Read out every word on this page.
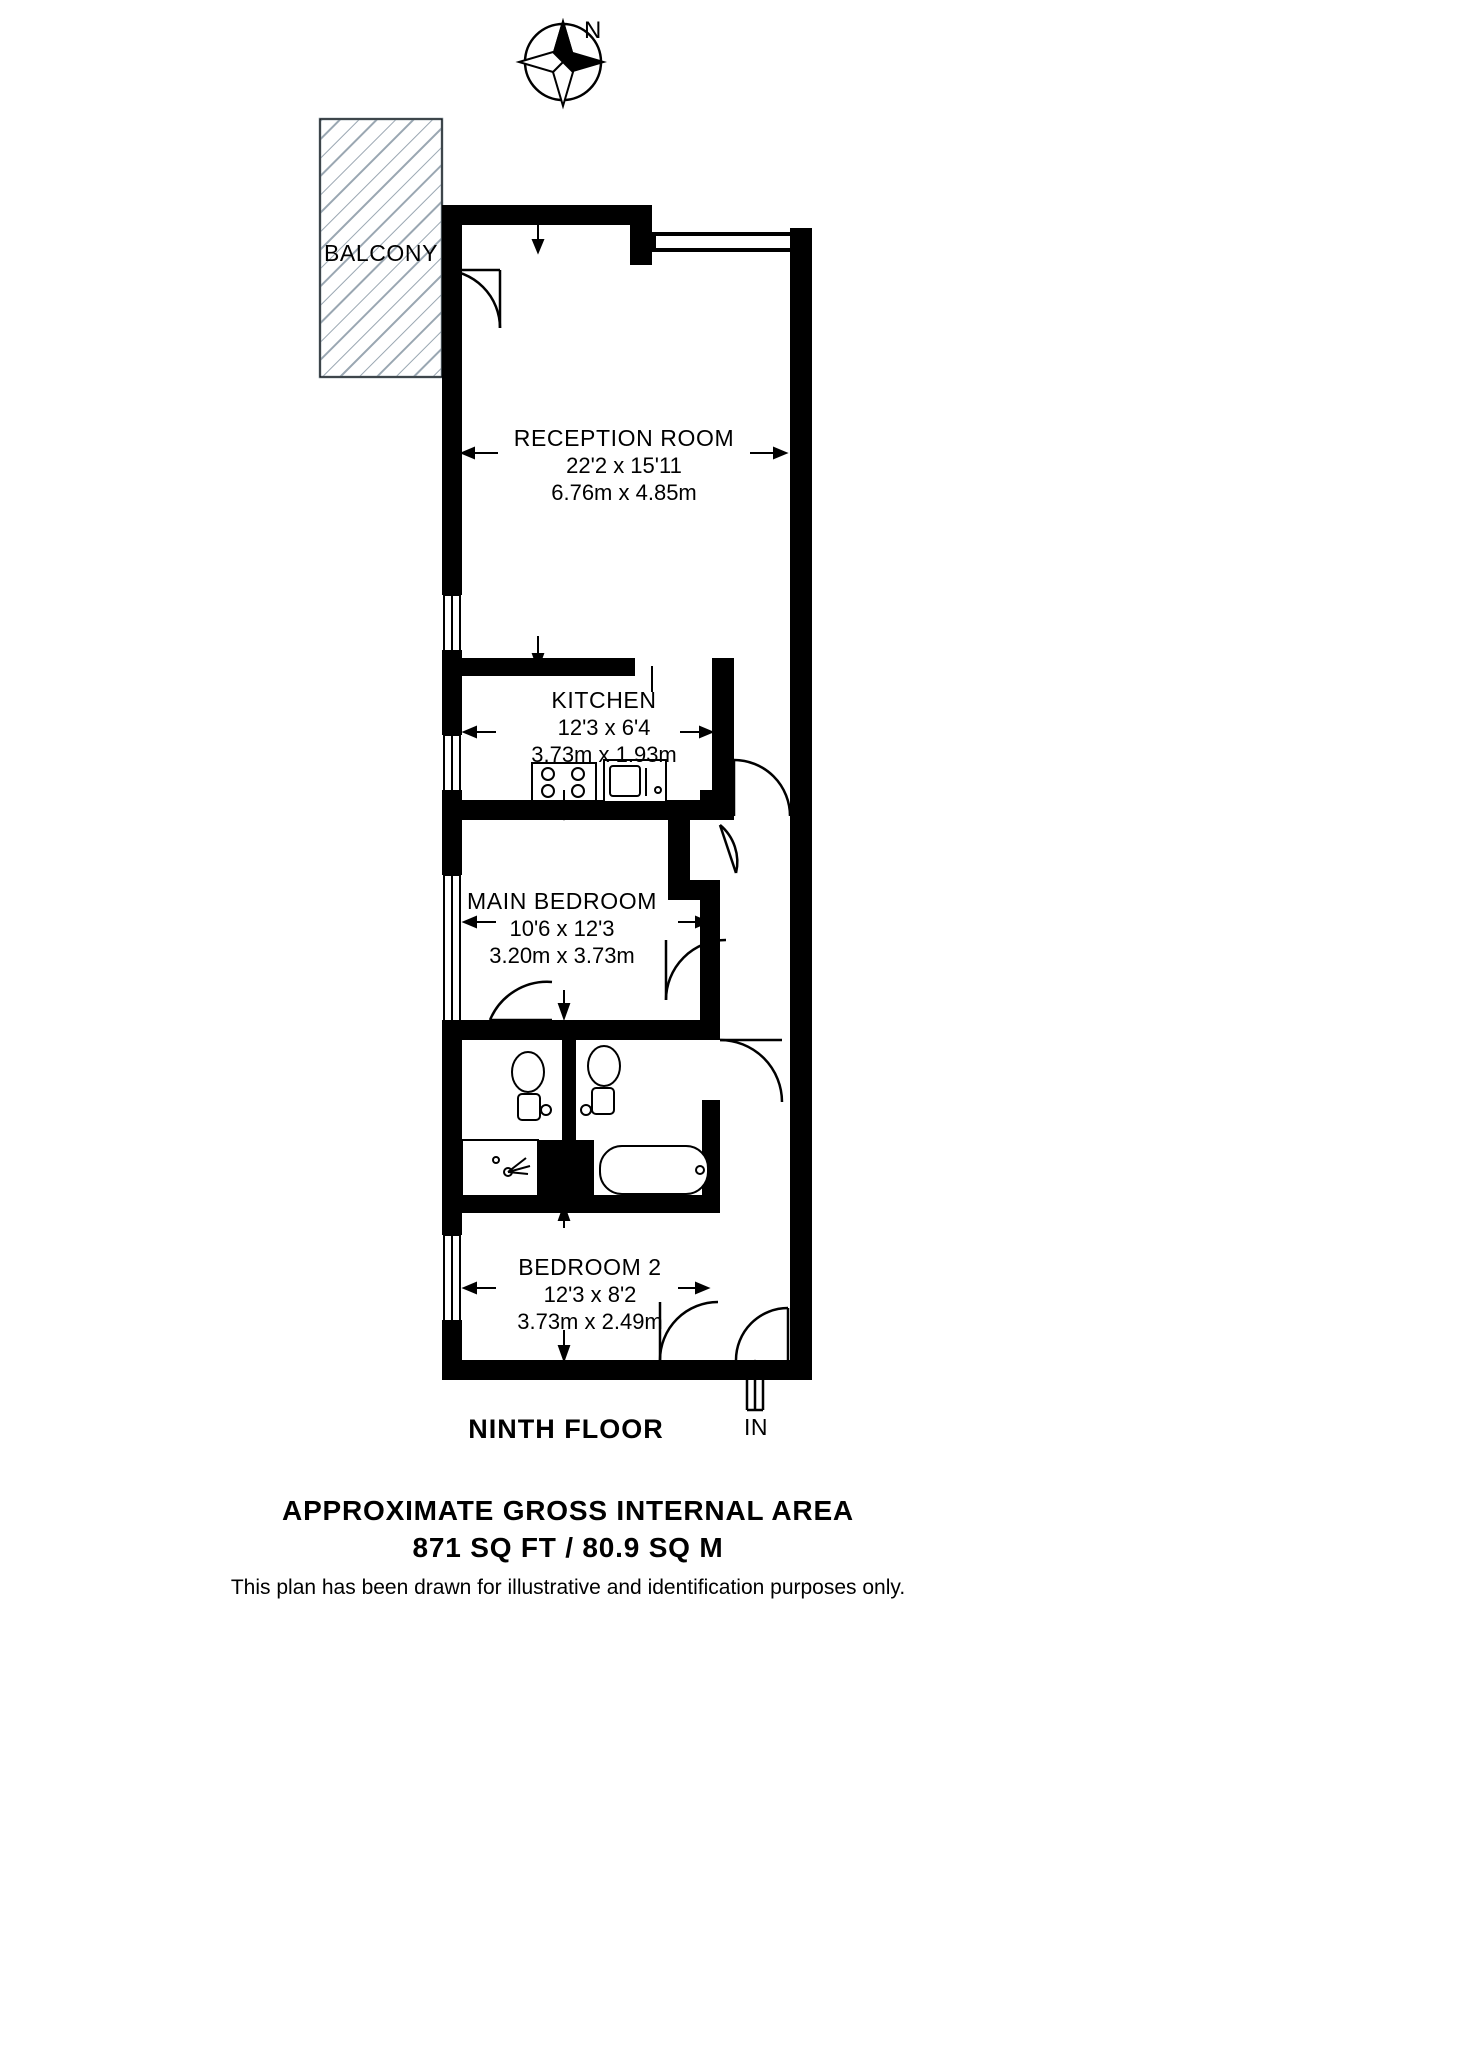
BALCONY
N
RECEPTION ROOM
22'2 x 15'11
6.76m x 4.85m
KITCHEN
12'3 x 6'4
3.73m x 1.93m
MAIN BEDROOM
10'6 x 12'3
3.20m x 3.73m
BEDROOM 2
12'3 x 8'2
3.73m x 2.49m
IN
NINTH FLOOR
APPROXIMATE GROSS INTERNAL AREA
871 SQ FT / 80.9 SQ M
This plan has been drawn for illustrative and identification purposes only.
